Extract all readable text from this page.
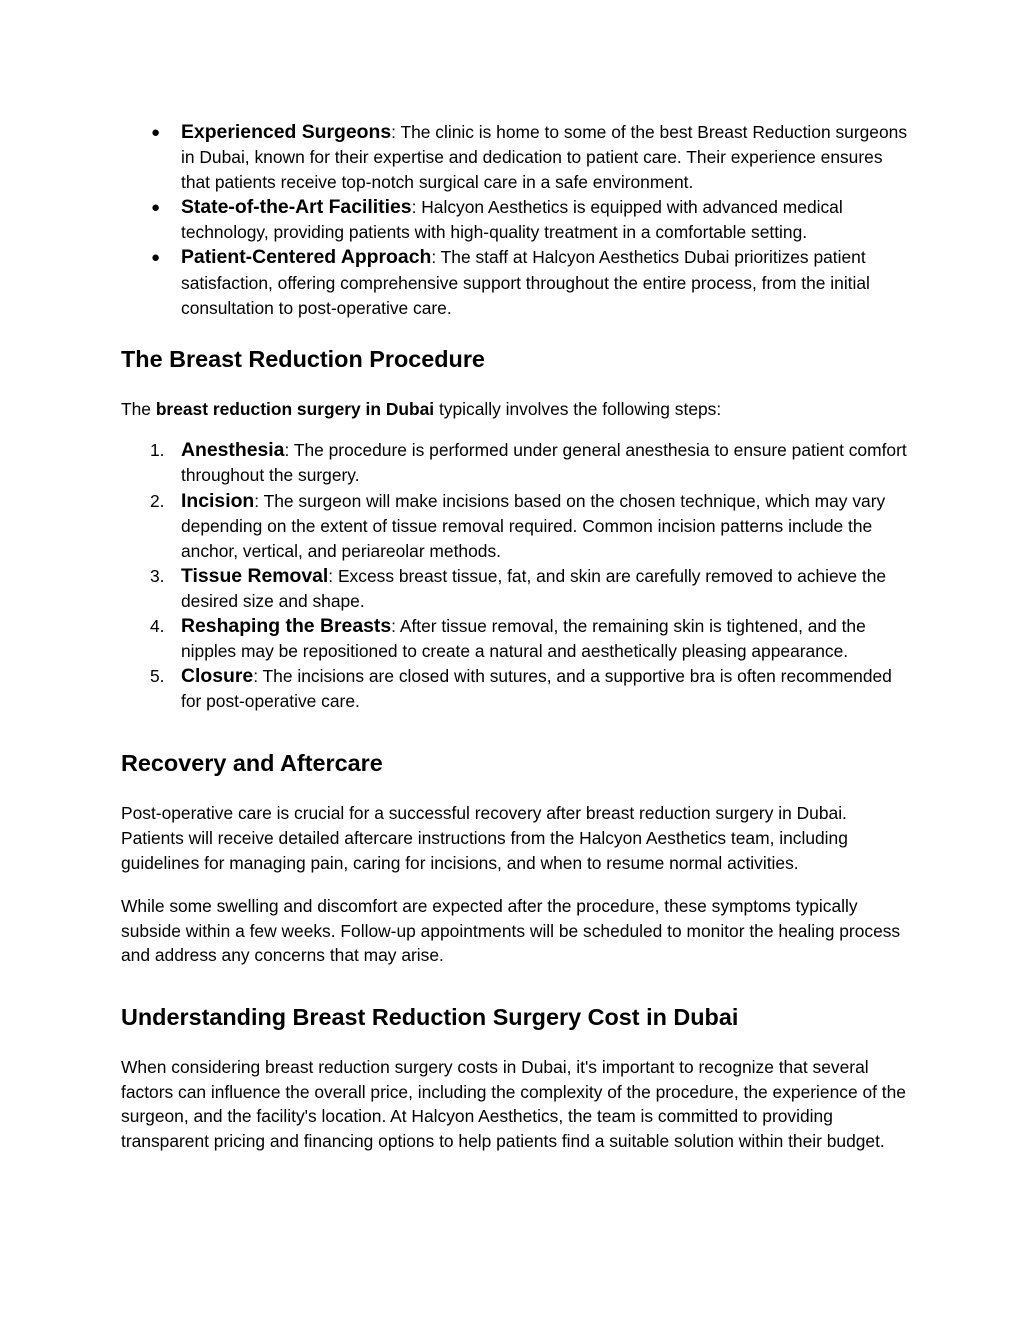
● Experienced Surgeons: The clinic is home to some of the best Breast Reduction surgeons in Dubai, known for their expertise and dedication to patient care. Their experience ensures that patients receive top-notch surgical care in a safe environment.
● State-of-the-Art Facilities: Halcyon Aesthetics is equipped with advanced medical technology, providing patients with high-quality treatment in a comfortable setting.
● Patient-Centered Approach: The staff at Halcyon Aesthetics Dubai prioritizes patient satisfaction, offering comprehensive support throughout the entire process, from the initial consultation to post-operative care.
The Breast Reduction Procedure

The breast reduction surgery in Dubai typically involves the following steps:

1. Anesthesia: The procedure is performed under general anesthesia to ensure patient comfort throughout the surgery.
2. Incision: The surgeon will make incisions based on the chosen technique, which may vary depending on the extent of tissue removal required. Common incision patterns include the anchor, vertical, and periareolar methods.
3. Tissue Removal: Excess breast tissue, fat, and skin are carefully removed to achieve the desired size and shape.
4. Reshaping the Breasts: After tissue removal, the remaining skin is tightened, and the nipples may be repositioned to create a natural and aesthetically pleasing appearance.
5. Closure: The incisions are closed with sutures, and a supportive bra is often recommended for post-operative care.
Recovery and Aftercare

Post-operative care is crucial for a successful recovery after breast reduction surgery in Dubai. Patients will receive detailed aftercare instructions from the Halcyon Aesthetics team, including guidelines for managing pain, caring for incisions, and when to resume normal activities.

While some swelling and discomfort are expected after the procedure, these symptoms typically subside within a few weeks. Follow-up appointments will be scheduled to monitor the healing process and address any concerns that may arise.

Understanding Breast Reduction Surgery Cost in Dubai

When considering breast reduction surgery costs in Dubai, it's important to recognize that several factors can influence the overall price, including the complexity of the procedure, the experience of the surgeon, and the facility's location. At Halcyon Aesthetics, the team is committed to providing transparent pricing and financing options to help patients find a suitable solution within their budget.
